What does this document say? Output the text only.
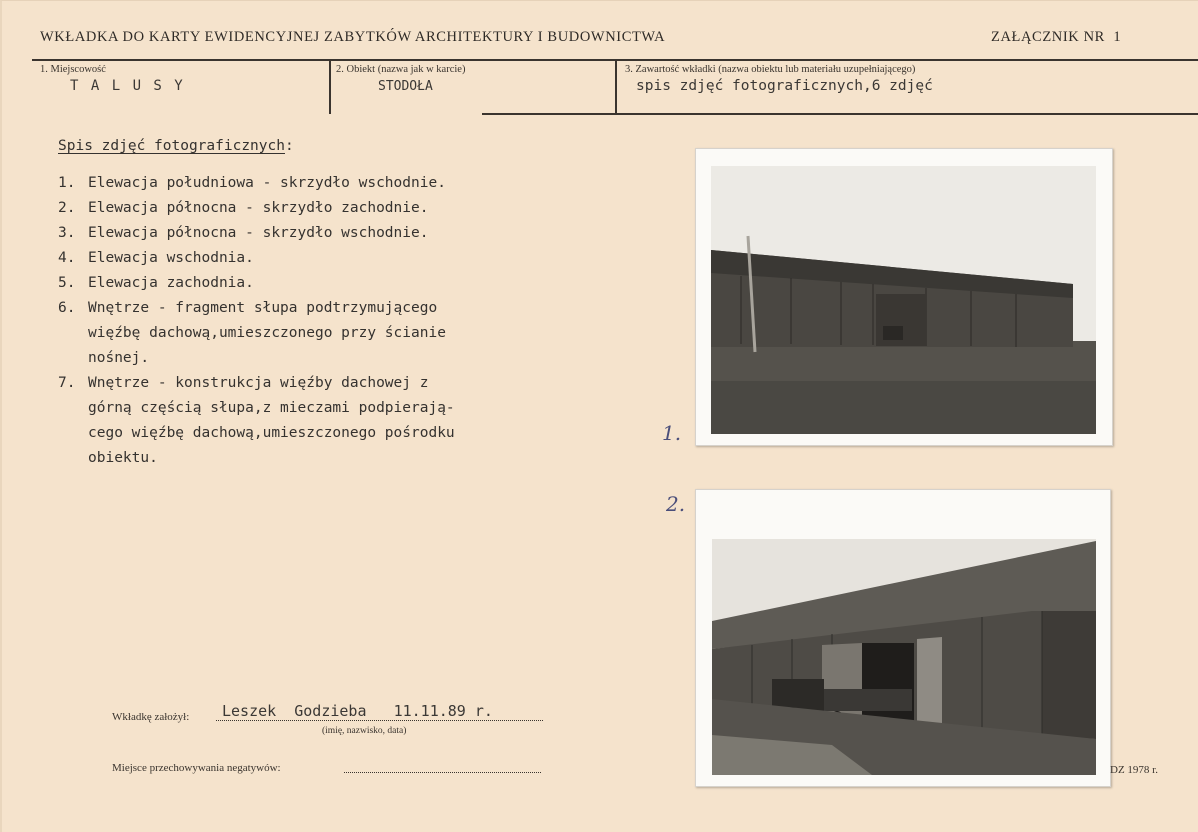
WKŁADKA DO KARTY EWIDENCYJNEJ ZABYTKÓW ARCHITEKTURY I BUDOWNICTWA	ZAŁĄCZNIK NR 1
1. Miejscowość
T A L U S Y
2. Obiekt (nazwa jak w karcie)
STODOŁA
3. Zawartość wkładki (nazwa obiektu lub materiału uzupełniającego)
spis zdjęć fotograficznych,6 zdjęć
Spis zdjęć fotograficznych:
1. Elewacja południowa - skrzydło wschodnie.
2. Elewacja północna - skrzydło zachodnie.
3. Elewacja północna - skrzydło wschodnie.
4. Elewacja wschodnia.
5. Elewacja zachodnia.
6. Wnętrze - fragment słupa podtrzymującego
więźbę dachową,umieszczonego przy ścianie
nośnej.
7. Wnętrze - konstrukcja więźby dachowej z
górną częścią słupa,z mieczami podpierają-
cego więźbę dachową,umieszczonego pośrodku
obiektu.
1.
2.
Wkładkę założył: Leszek  Godzieba   11.11.89 r.
(imię, nazwisko, data)
Miejsce przechowywania negatywów:	DZ 1978 r.
